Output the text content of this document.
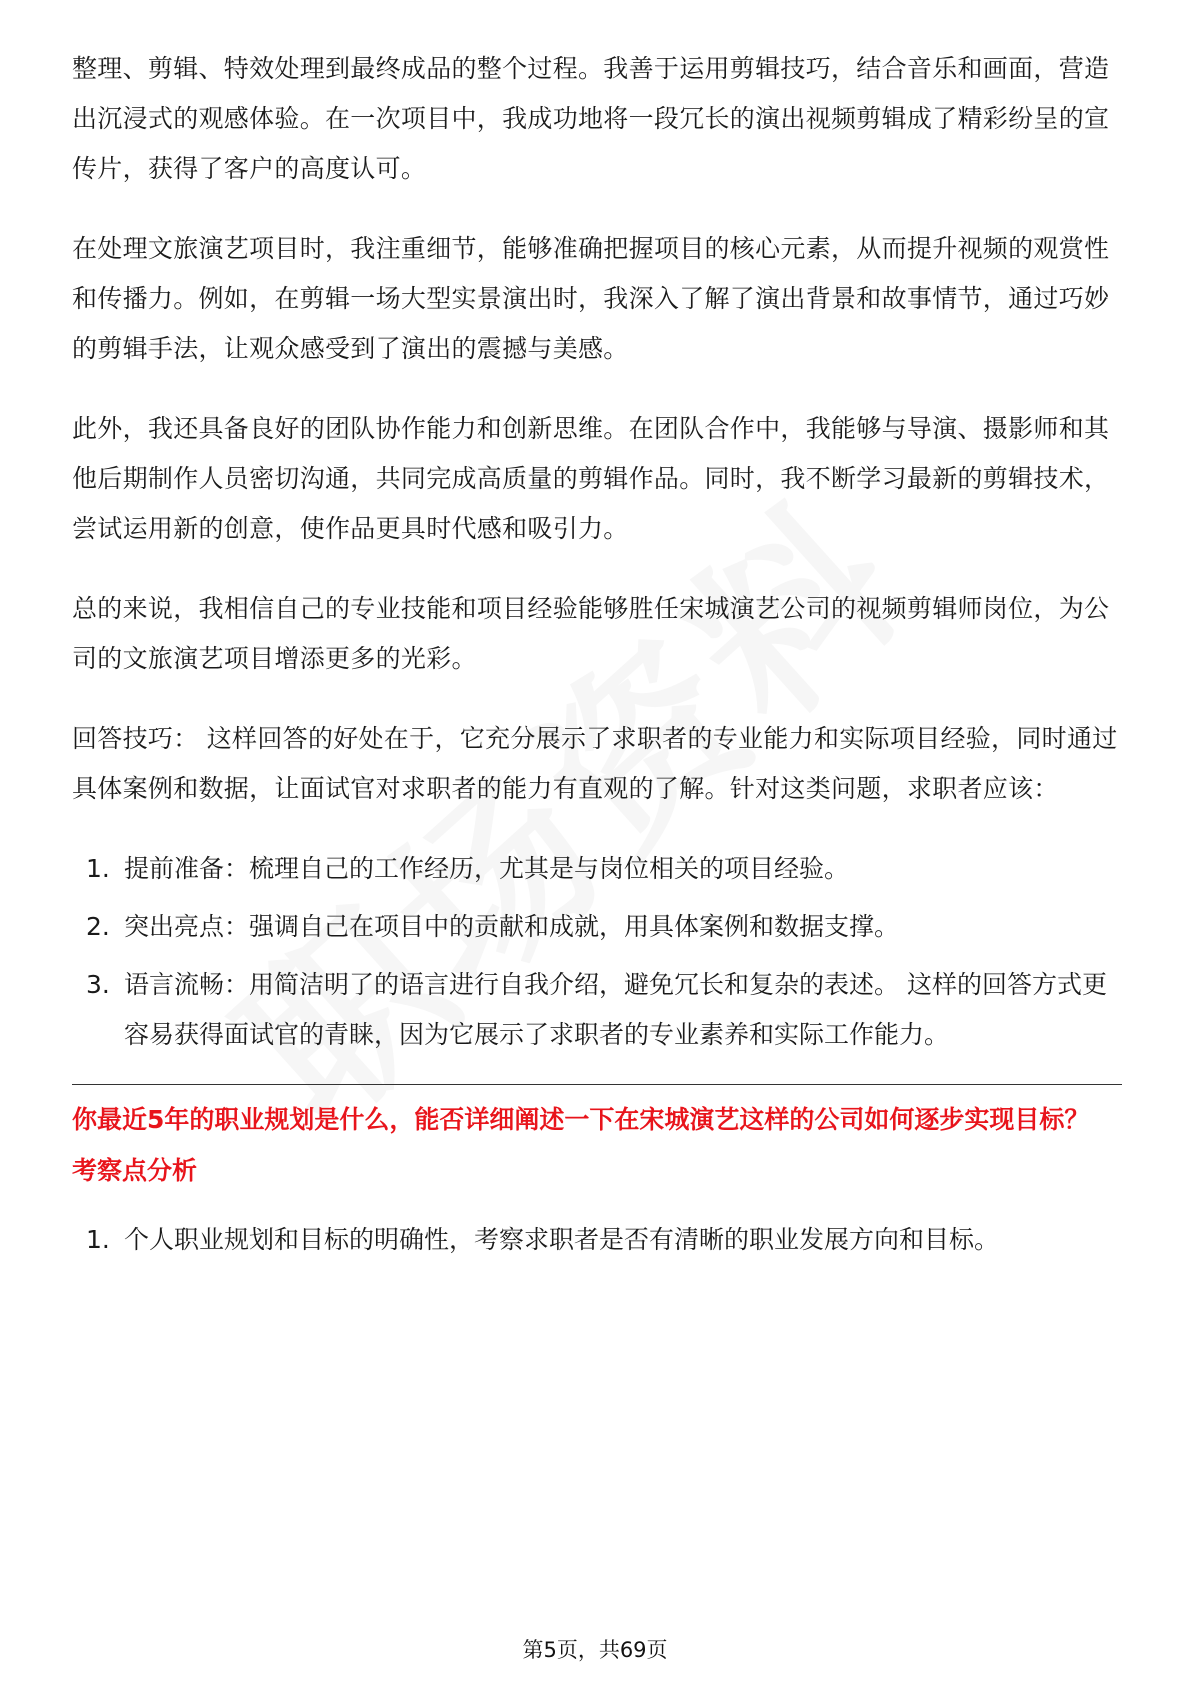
整理、剪辑、特效处理到最终成品的整个过程。我善于运用剪辑技巧，结合音乐和画面，营造出沉浸式的观感体验。在一次项目中，我成功地将一段冗长的演出视频剪辑成了精彩纷呈的宣传片，获得了客户的高度认可。

在处理文旅演艺项目时，我注重细节，能够准确把握项目的核心元素，从而提升视频的观赏性和传播力。例如，在剪辑一场大型实景演出时，我深入了解了演出背景和故事情节，通过巧妙的剪辑手法，让观众感受到了演出的震撼与美感。

此外，我还具备良好的团队协作能力和创新思维。在团队合作中，我能够与导演、摄影师和其他后期制作人员密切沟通，共同完成高质量的剪辑作品。同时，我不断学习最新的剪辑技术，尝试运用新的创意，使作品更具时代感和吸引力。

总的来说，我相信自己的专业技能和项目经验能够胜任宋城演艺公司的视频剪辑师岗位，为公司的文旅演艺项目增添更多的光彩。

回答技巧： 这样回答的好处在于，它充分展示了求职者的专业能力和实际项目经验，同时通过具体案例和数据，让面试官对求职者的能力有直观的了解。针对这类问题，求职者应该：

1. 提前准备：梳理自己的工作经历，尤其是与岗位相关的项目经验。
2. 突出亮点：强调自己在项目中的贡献和成就，用具体案例和数据支撑。
3. 语言流畅：用简洁明了的语言进行自我介绍，避免冗长和复杂的表述。 这样的回答方式更容易获得面试官的青睐，因为它展示了求职者的专业素养和实际工作能力。
你最近5年的职业规划是什么，能否详细阐述一下在宋城演艺这样的公司如何逐步实现目标？
考察点分析
1. 个人职业规划和目标的明确性，考察求职者是否有清晰的职业发展方向和目标。
第5页，共69页
